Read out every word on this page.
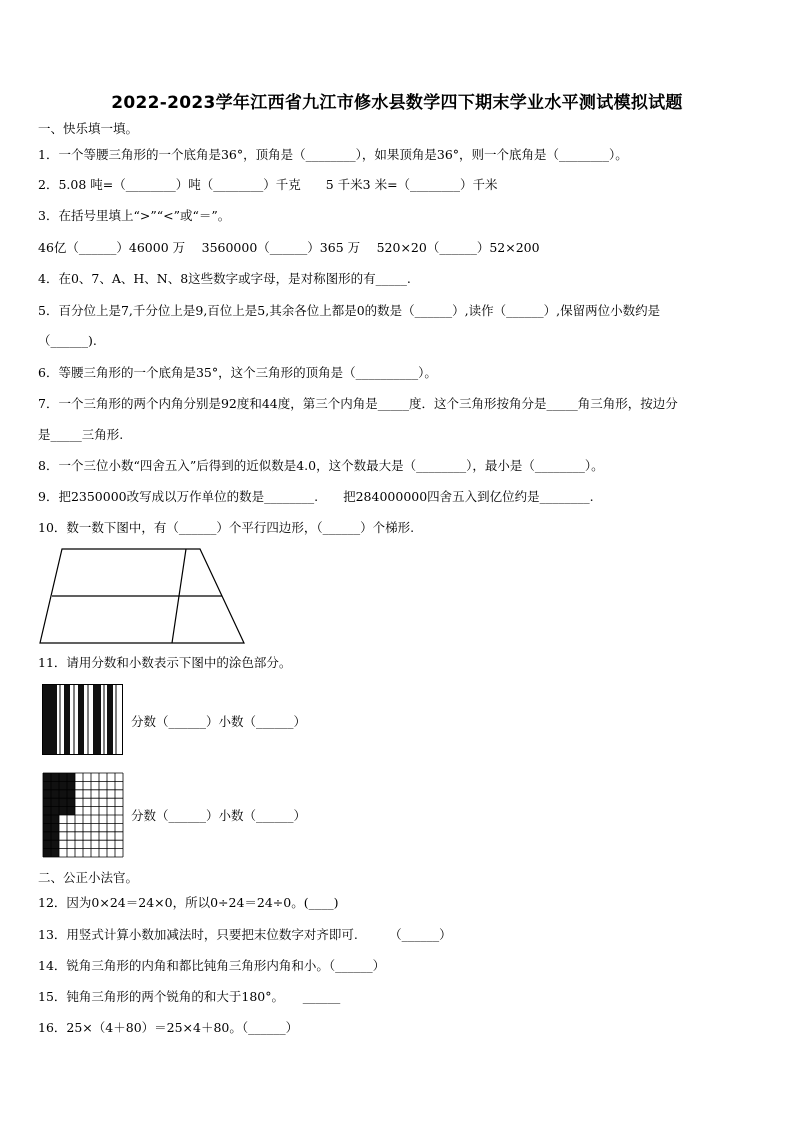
2022-2023学年江西省九江市修水县数学四下期末学业水平测试模拟试题
一、快乐填一填。
1．一个等腰三角形的一个底角是36°，顶角是（________），如果顶角是36°，则一个底角是（________）。
2．5.08 吨=（________）吨（________）千克　　5 千米3 米=（________）千米
3．在括号里填上“>”“<”或“＝”。
46亿（______）46000 万　 3560000（______）365 万　 520×20（______）52×200
4．在0、7、A、H、N、8这些数字或字母，是对称图形的有_____.
5．百分位上是7,千分位上是9,百位上是5,其余各位上都是0的数是（______）,读作（______）,保留两位小数约是
（______).
6．等腰三角形的一个底角是35°，这个三角形的顶角是（__________）。
7．一个三角形的两个内角分别是92度和44度，第三个内角是_____度．这个三角形按角分是_____角三角形，按边分
是_____三角形.
8．一个三位小数“四舍五入”后得到的近似数是4.0，这个数最大是（________），最小是（________）。
9．把2350000改写成以万作单位的数是________.　　把284000000四舍五入到亿位约是________.
10．数一数下图中，有（______）个平行四边形，（______）个梯形.
11．请用分数和小数表示下图中的涂色部分。
分数（______）小数（______）
分数（______）小数（______）
二、公正小法官。
12．因为0×24＝24×0，所以0÷24＝24÷0。(____)
13．用竖式计算小数加减法时，只要把末位数字对齐即可.　　　（______）
14．锐角三角形的内角和都比钝角三角形内角和小。（______）
15．钝角三角形的两个锐角的和大于180°。　　______
16．25×（4＋80）＝25×4＋80。（______）
